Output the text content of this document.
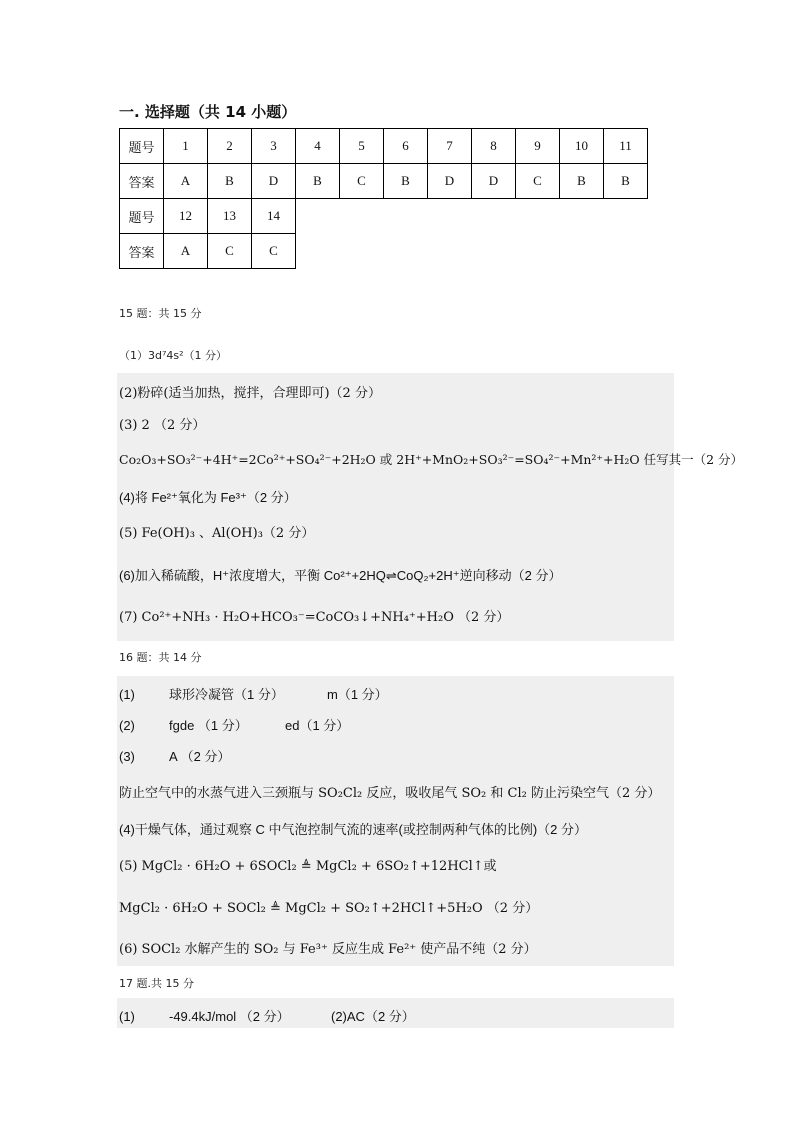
一. 选择题（共 14 小题）
题号	1	2	3	4	5	6	7	8	9	10	11
答案	A	B	D	B	C	B	D	D	C	B	B
题号	12	13	14								
答案	A	C	C								
15 题：共 15 分
（1）3d⁷4s²（1 分）
(2)粉碎(适当加热，搅拌，合理即可)（2 分）
(3) 2 （2 分）
Co₂O₃+SO₃²⁻+4H⁺=2Co²⁺+SO₄²⁻+2H₂O 或 2H⁺+MnO₂+SO₃²⁻=SO₄²⁻+Mn²⁺+H₂O 任写其一（2 分）
(4)将 Fe²⁺氧化为 Fe³⁺（2 分）
(5) Fe(OH)₃ 、Al(OH)₃（2 分）
(6)加入稀硫酸，H⁺浓度增大，平衡 Co²⁺+2HQ⇌CoQ₂+2H⁺逆向移动（2 分）
(7) Co²⁺+NH₃ · H₂O+HCO₃⁻=CoCO₃↓+NH₄⁺+H₂O （2 分）
16 题：共 14 分
(1)	球形冷凝管（1 分）	m（1 分）
(2)	fgde （1 分）	ed（1 分）
(3)	A （2 分）
防止空气中的水蒸气进入三颈瓶与 SO₂Cl₂ 反应，吸收尾气 SO₂ 和 Cl₂ 防止污染空气（2 分）
(4)干燥气体，通过观察 C 中气泡控制气流的速率(或控制两种气体的比例)（2 分）
(5) MgCl₂ · 6H₂O + 6SOCl₂ ≜ MgCl₂ + 6SO₂↑+12HCl↑或
MgCl₂ · 6H₂O + SOCl₂ ≜ MgCl₂ + SO₂↑+2HCl↑+5H₂O （2 分）
(6) SOCl₂ 水解产生的 SO₂ 与 Fe³⁺ 反应生成 Fe²⁺ 使产品不纯（2 分）
17 题.共 15 分
(1)	-49.4kJ/mol （2 分）	(2)AC（2 分）
